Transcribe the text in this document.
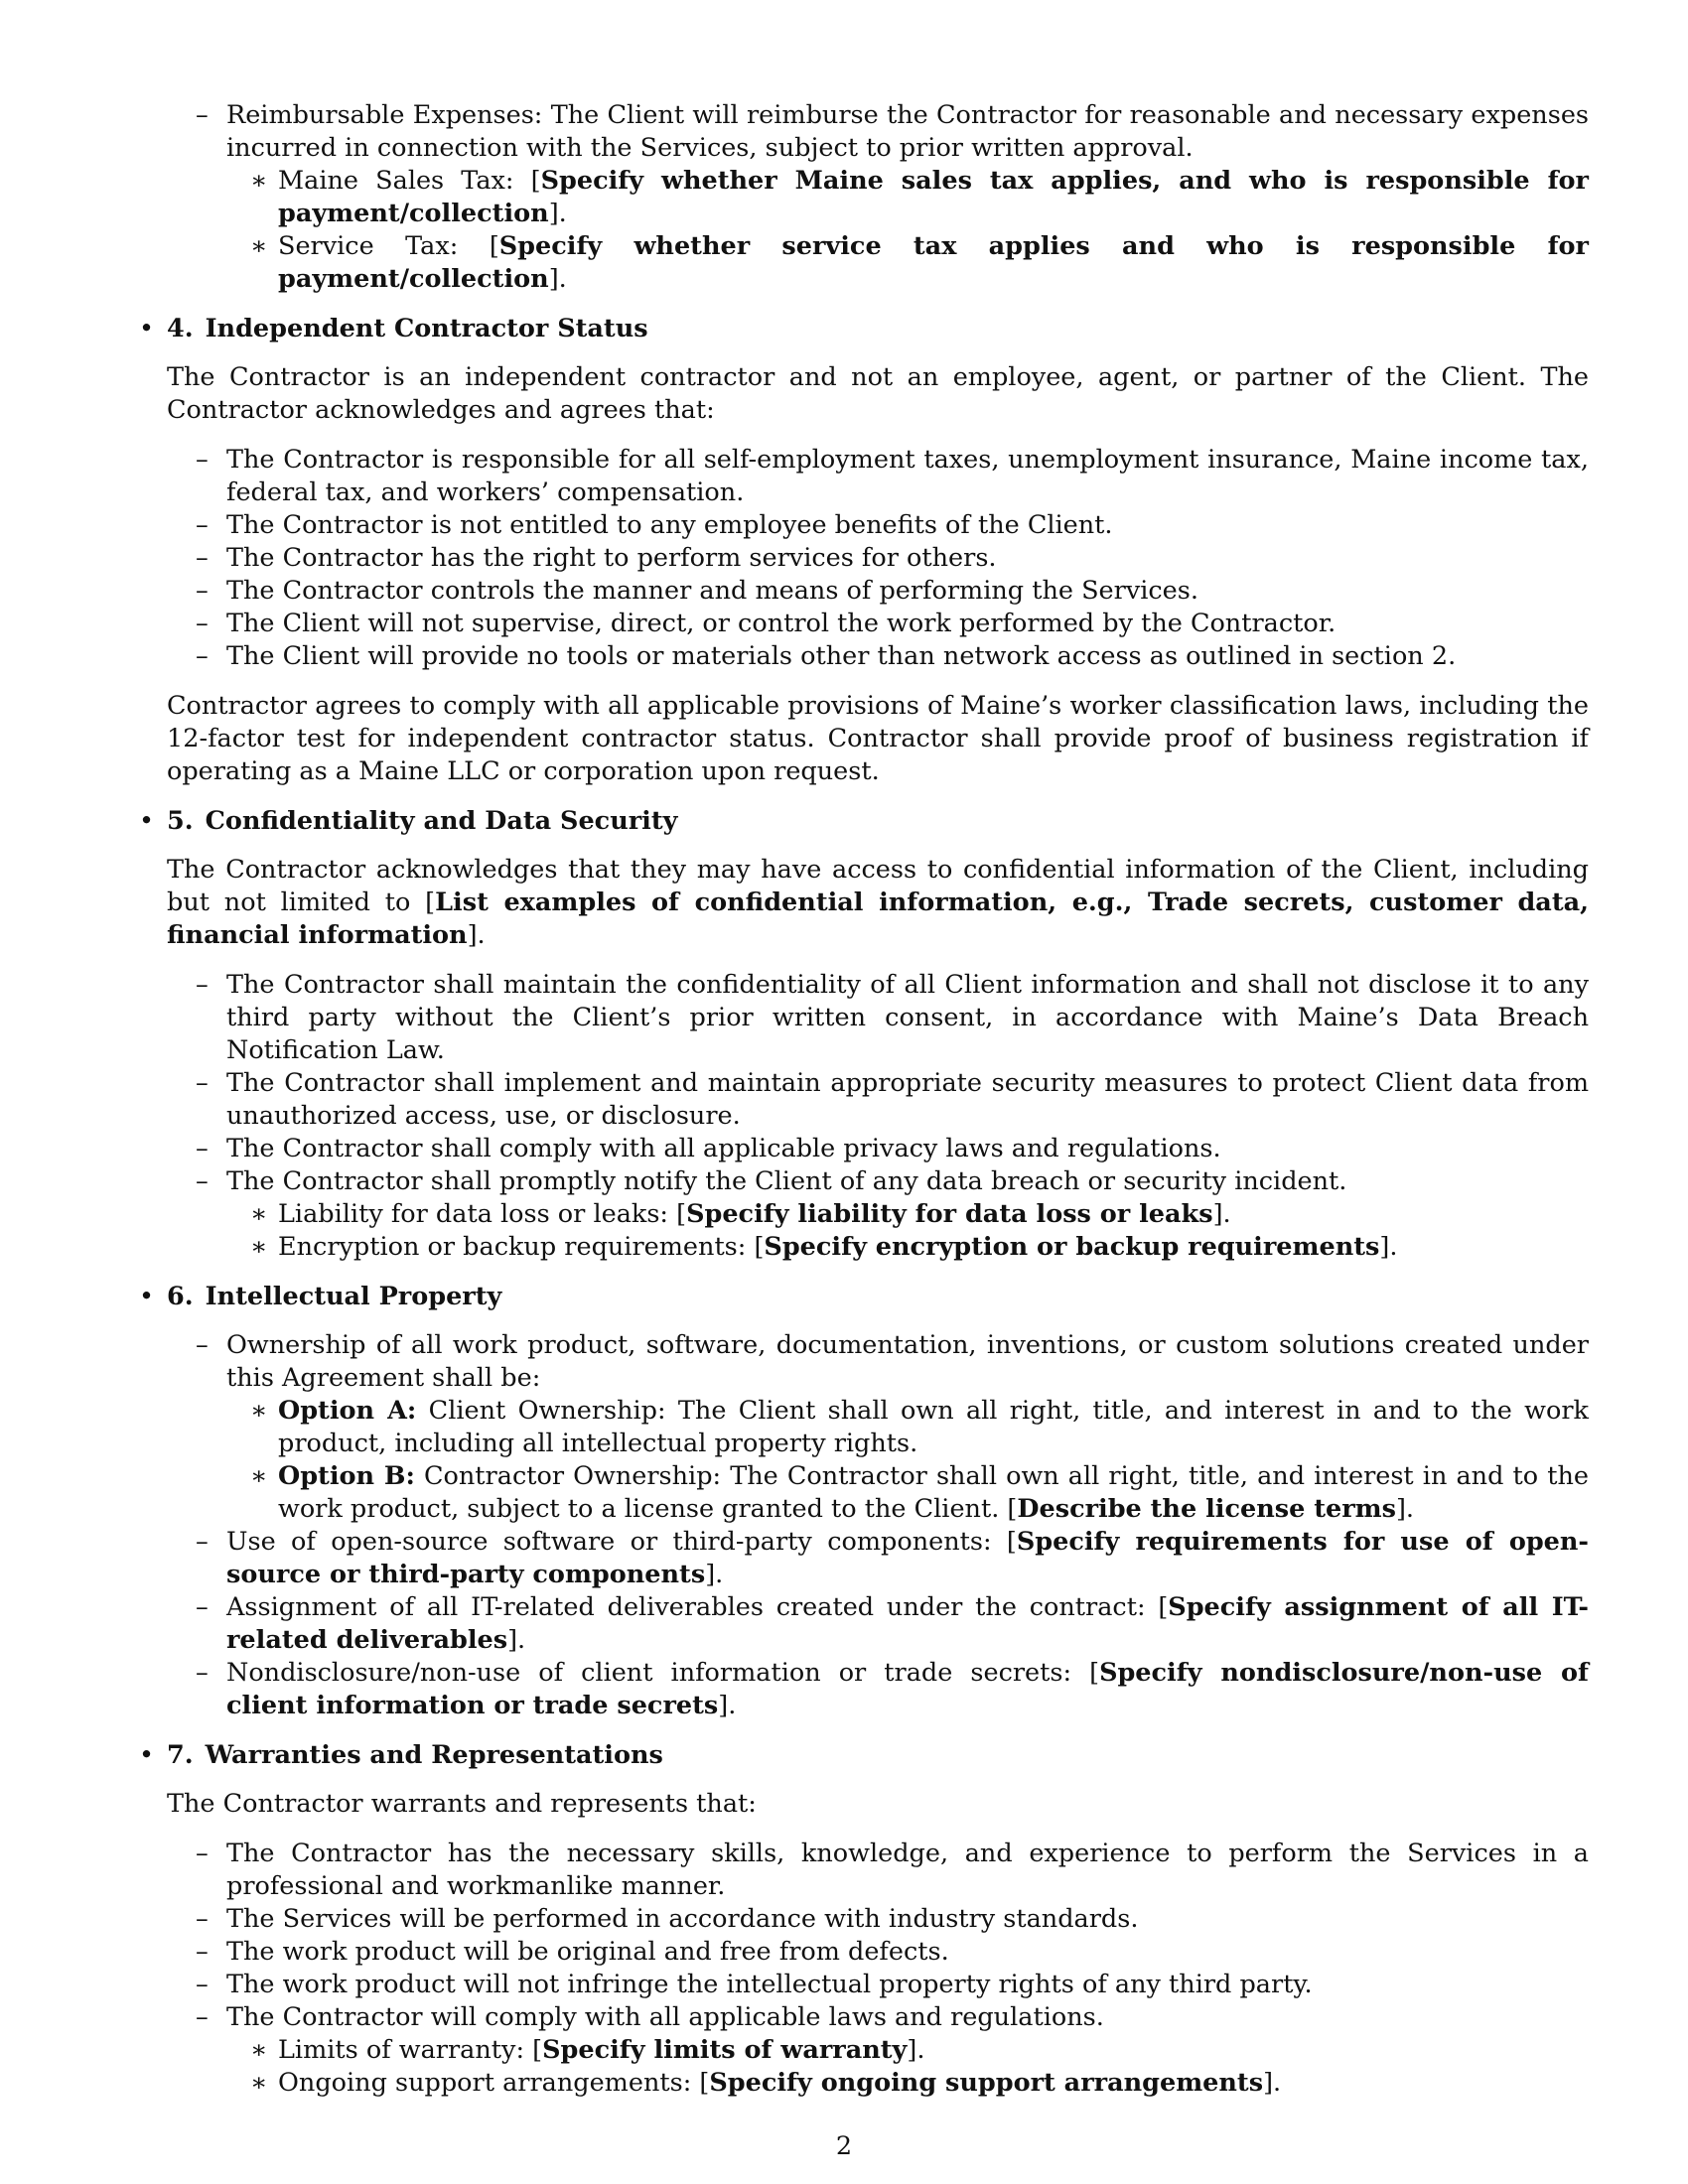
– Reimbursable Expenses: The Client will reimburse the Contractor for reasonable and necessary expenses incurred in connection with the Services, subject to prior written approval.
∗ Maine Sales Tax: [Specify whether Maine sales tax applies, and who is responsible for payment/collection].
∗ Service Tax: [Specify whether service tax applies and who is responsible for payment/collection].
• 4. Independent Contractor Status
The Contractor is an independent contractor and not an employee, agent, or partner of the Client. The Contractor acknowledges and agrees that:
– The Contractor is responsible for all self-employment taxes, unemployment insurance, Maine income tax, federal tax, and workers’ compensation.
– The Contractor is not entitled to any employee benefits of the Client.
– The Contractor has the right to perform services for others.
– The Contractor controls the manner and means of performing the Services.
– The Client will not supervise, direct, or control the work performed by the Contractor.
– The Client will provide no tools or materials other than network access as outlined in section 2.
Contractor agrees to comply with all applicable provisions of Maine’s worker classification laws, including the 12-factor test for independent contractor status. Contractor shall provide proof of business registration if operating as a Maine LLC or corporation upon request.
• 5. Confidentiality and Data Security
The Contractor acknowledges that they may have access to confidential information of the Client, including but not limited to [List examples of confidential information, e.g., Trade secrets, customer data, financial information].
– The Contractor shall maintain the confidentiality of all Client information and shall not disclose it to any third party without the Client’s prior written consent, in accordance with Maine’s Data Breach Notification Law.
– The Contractor shall implement and maintain appropriate security measures to protect Client data from unauthorized access, use, or disclosure.
– The Contractor shall comply with all applicable privacy laws and regulations.
– The Contractor shall promptly notify the Client of any data breach or security incident.
∗ Liability for data loss or leaks: [Specify liability for data loss or leaks].
∗ Encryption or backup requirements: [Specify encryption or backup requirements].
• 6. Intellectual Property
– Ownership of all work product, software, documentation, inventions, or custom solutions created under this Agreement shall be:
∗ Option A: Client Ownership: The Client shall own all right, title, and interest in and to the work product, including all intellectual property rights.
∗ Option B: Contractor Ownership: The Contractor shall own all right, title, and interest in and to the work product, subject to a license granted to the Client. [Describe the license terms].
– Use of open-source software or third-party components: [Specify requirements for use of open-source or third-party components].
– Assignment of all IT-related deliverables created under the contract: [Specify assignment of all IT-related deliverables].
– Nondisclosure/non-use of client information or trade secrets: [Specify nondisclosure/non-use of client information or trade secrets].
• 7. Warranties and Representations
The Contractor warrants and represents that:
– The Contractor has the necessary skills, knowledge, and experience to perform the Services in a professional and workmanlike manner.
– The Services will be performed in accordance with industry standards.
– The work product will be original and free from defects.
– The work product will not infringe the intellectual property rights of any third party.
– The Contractor will comply with all applicable laws and regulations.
∗ Limits of warranty: [Specify limits of warranty].
∗ Ongoing support arrangements: [Specify ongoing support arrangements].
2
